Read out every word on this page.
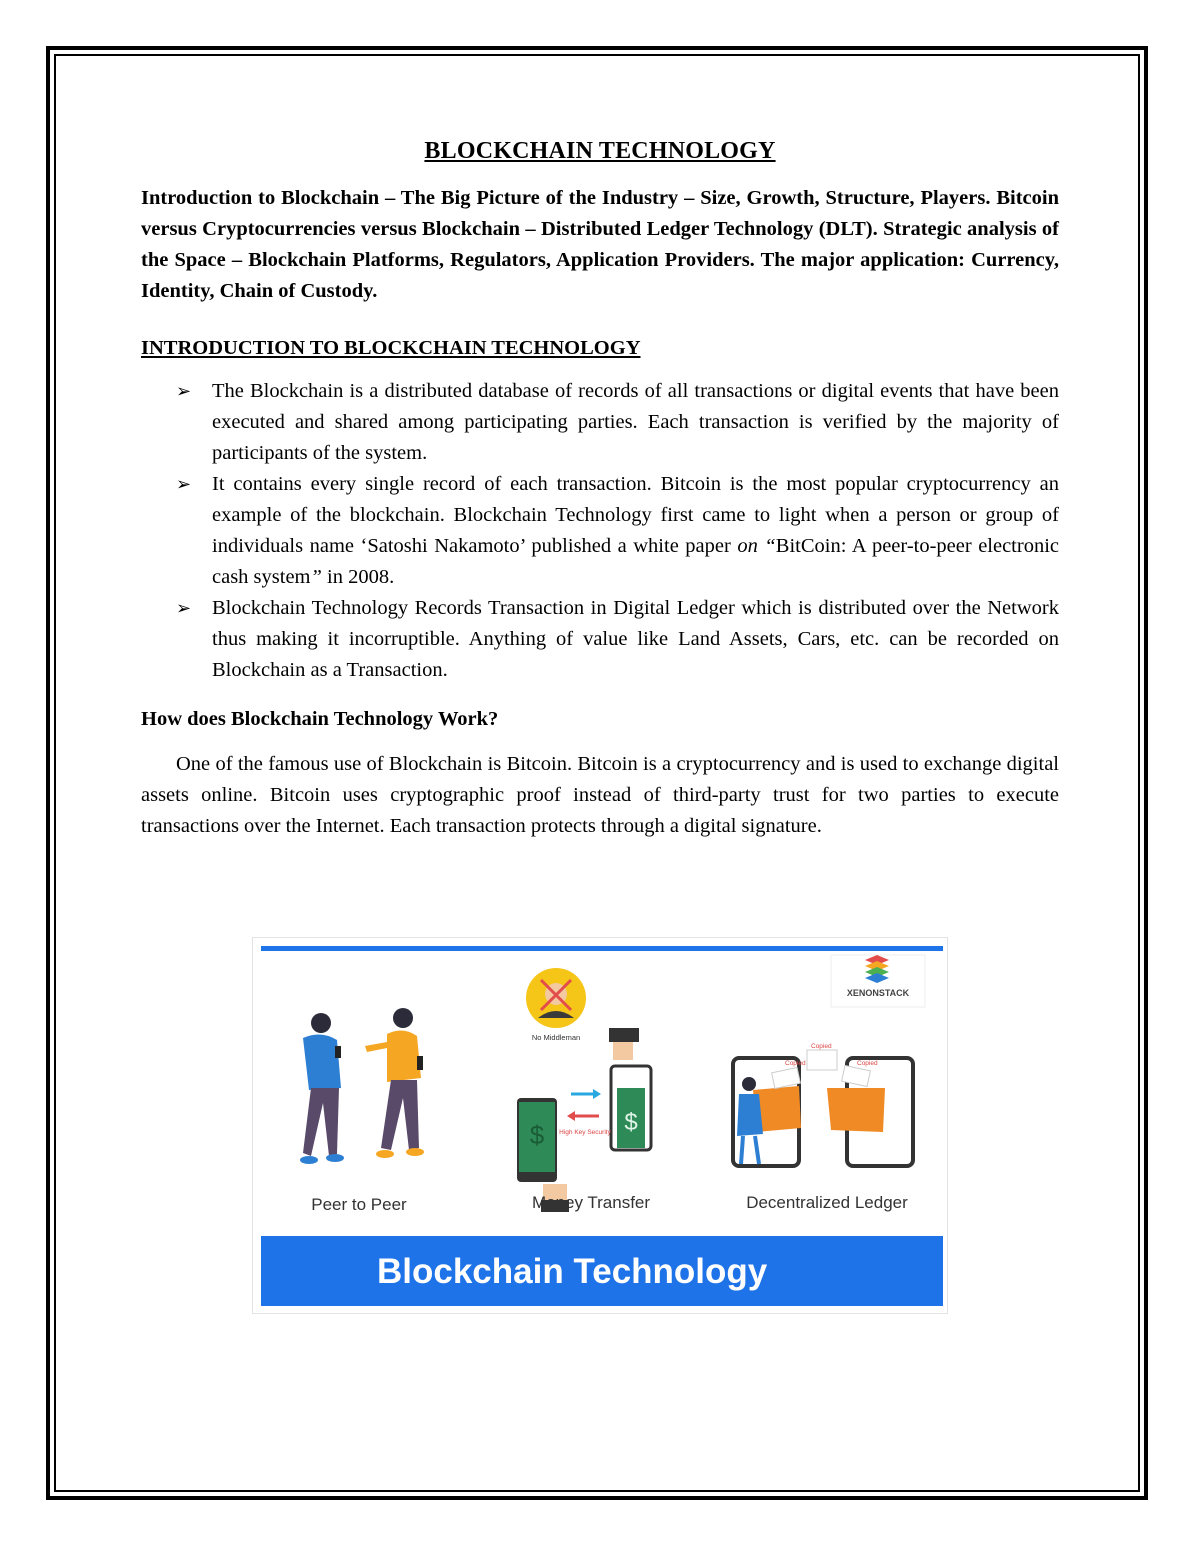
BLOCKCHAIN TECHNOLOGY

Introduction to Blockchain – The Big Picture of the Industry – Size, Growth, Structure, Players. Bitcoin versus Cryptocurrencies versus Blockchain – Distributed Ledger Technology (DLT). Strategic analysis of the Space – Blockchain Platforms, Regulators, Application Providers. The major application: Currency, Identity, Chain of Custody.

INTRODUCTION TO BLOCKCHAIN TECHNOLOGY
➢ The Blockchain is a distributed database of records of all transactions or digital events that have been executed and shared among participating parties. Each transaction is verified by the majority of participants of the system.
➢ It contains every single record of each transaction. Bitcoin is the most popular cryptocurrency an example of the blockchain. Blockchain Technology first came to light when a person or group of individuals name ‘Satoshi Nakamoto’ published a white paper on “BitCoin: A peer-to-peer electronic cash system” in 2008.
➢ Blockchain Technology Records Transaction in Digital Ledger which is distributed over the Network thus making it incorruptible. Anything of value like Land Assets, Cars, etc. can be recorded on Blockchain as a Transaction.
How does Blockchain Technology Work?

One of the famous use of Blockchain is Bitcoin. Bitcoin is a cryptocurrency and is used to exchange digital assets online. Bitcoin uses cryptographic proof instead of third-party trust for two parties to execute transactions over the Internet. Each transaction protects through a digital signature.

XENONSTACK
No Middleman
$	$
High Key Security
Copied
Copied
Copied
Peer to Peer	Money Transfer	Decentralized Ledger
Blockchain Technology
